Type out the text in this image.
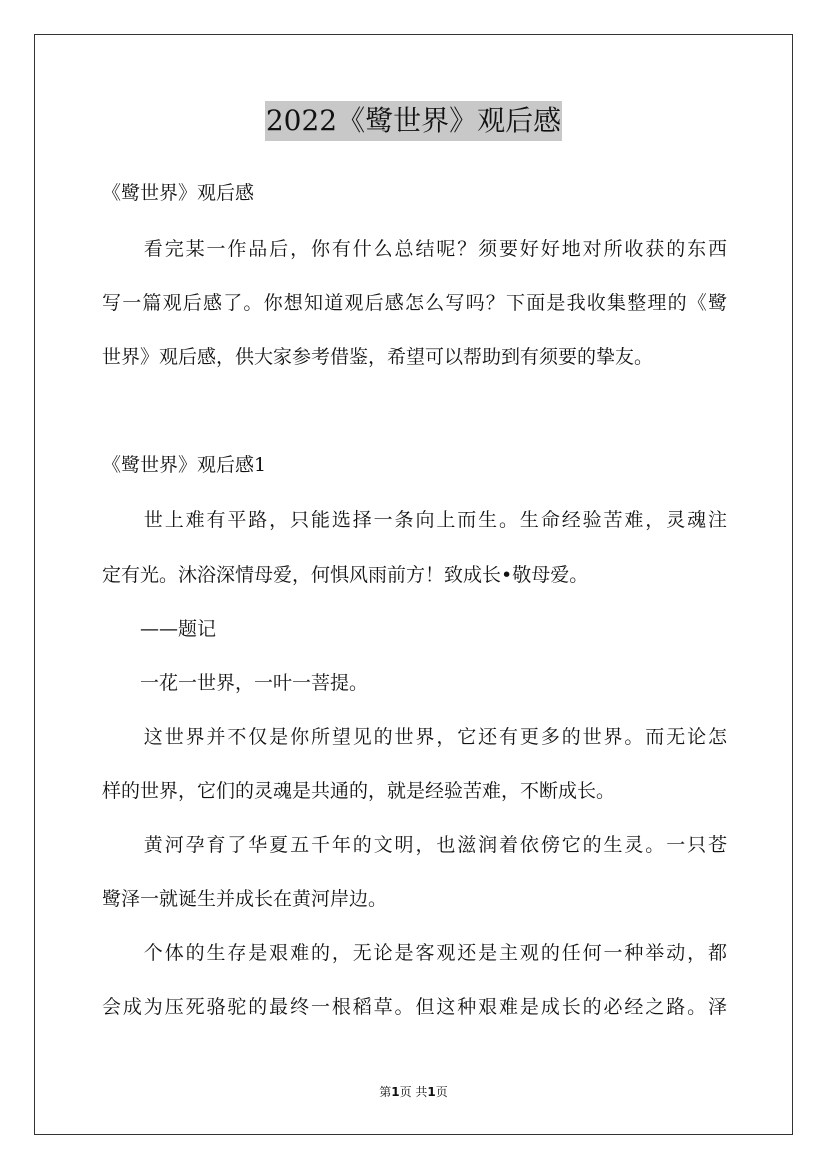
2022《鹭世界》观后感
《鹭世界》观后感
　　看完某一作品后，你有什么总结呢？须要好好地对所收获的东西
写一篇观后感了。你想知道观后感怎么写吗？下面是我收集整理的《鹭
世界》观后感，供大家参考借鉴，希望可以帮助到有须要的挚友。
《鹭世界》观后感1
　　世上难有平路，只能选择一条向上而生。生命经验苦难，灵魂注
定有光。沐浴深情母爱，何惧风雨前方！致成长•敬母爱。
　　——题记
　　一花一世界，一叶一菩提。
　　这世界并不仅是你所望见的世界，它还有更多的世界。而无论怎
样的世界，它们的灵魂是共通的，就是经验苦难，不断成长。
　　黄河孕育了华夏五千年的文明，也滋润着依傍它的生灵。一只苍
鹭泽一就诞生并成长在黄河岸边。
　　个体的生存是艰难的，无论是客观还是主观的任何一种举动，都
会成为压死骆驼的最终一根稻草。但这种艰难是成长的必经之路。泽
第1页 共1页
